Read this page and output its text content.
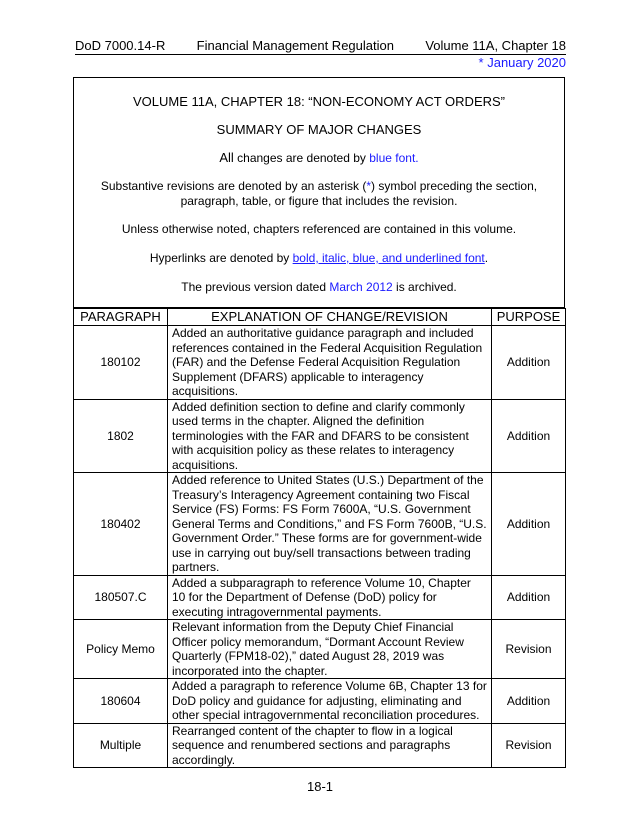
DoD 7000.14-R Financial Management Regulation Volume 11A, Chapter 18
* January 2020

VOLUME 11A, CHAPTER 18: “NON-ECONOMY ACT ORDERS”

SUMMARY OF MAJOR CHANGES

All changes are denoted by blue font.

Substantive revisions are denoted by an asterisk (*) symbol preceding the section, paragraph, table, or figure that includes the revision.

Unless otherwise noted, chapters referenced are contained in this volume.

Hyperlinks are denoted by bold, italic, blue, and underlined font.

The previous version dated March 2012 is archived.

PARAGRAPH	EXPLANATION OF CHANGE/REVISION	PURPOSE
180102	Added an authoritative guidance paragraph and included references contained in the Federal Acquisition Regulation (FAR) and the Defense Federal Acquisition Regulation Supplement (DFARS) applicable to interagency acquisitions.	Addition
1802	Added definition section to define and clarify commonly used terms in the chapter. Aligned the definition terminologies with the FAR and DFARS to be consistent with acquisition policy as these relates to interagency acquisitions.	Addition
180402	Added reference to United States (U.S.) Department of the Treasury’s Interagency Agreement containing two Fiscal Service (FS) Forms: FS Form 7600A, “U.S. Government General Terms and Conditions,” and FS Form 7600B, “U.S. Government Order.” These forms are for government-wide use in carrying out buy/sell transactions between trading partners.	Addition
180507.C	Added a subparagraph to reference Volume 10, Chapter 10 for the Department of Defense (DoD) policy for executing intragovernmental payments.	Addition
Policy Memo	Relevant information from the Deputy Chief Financial Officer policy memorandum, “Dormant Account Review Quarterly (FPM18-02),” dated August 28, 2019 was incorporated into the chapter.	Revision
180604	Added a paragraph to reference Volume 6B, Chapter 13 for DoD policy and guidance for adjusting, eliminating and other special intragovernmental reconciliation procedures.	Addition
Multiple	Rearranged content of the chapter to flow in a logical sequence and renumbered sections and paragraphs accordingly.	Revision
18-1
